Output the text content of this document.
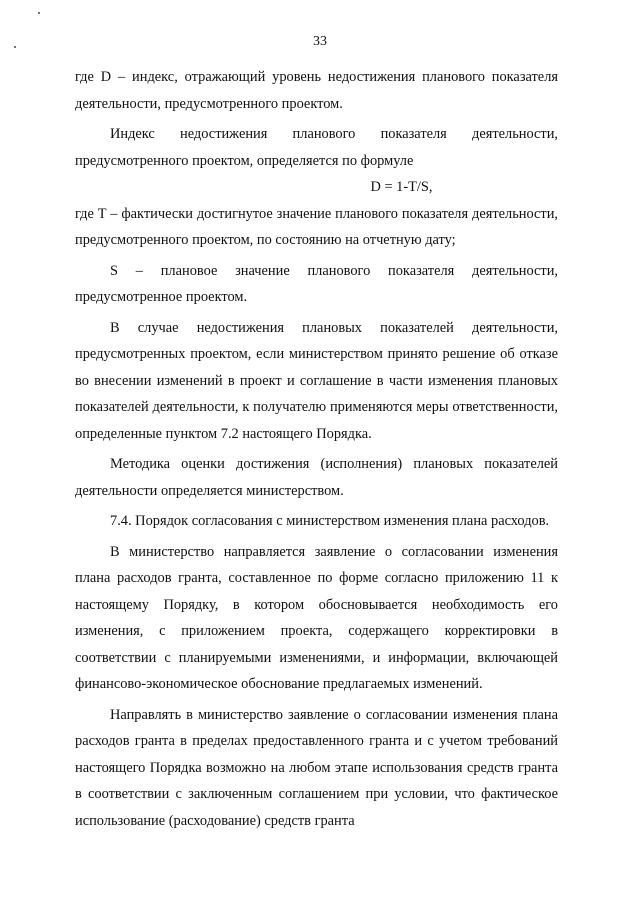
33

где D – индекс, отражающий уровень недостижения планового показателя деятельности, предусмотренного проектом.

Индекс недостижения планового показателя деятельности, предусмотренного проектом, определяется по формуле

D = 1-T/S,

где T – фактически достигнутое значение планового показателя деятельности, предусмотренного проектом, по состоянию на отчетную дату;

S – плановое значение планового показателя деятельности, предусмотренное проектом.

В случае недостижения плановых показателей деятельности, предусмотренных проектом, если министерством принято решение об отказе во внесении изменений в проект и соглашение в части изменения плановых показателей деятельности, к получателю применяются меры ответственности, определенные пунктом 7.2 настоящего Порядка.

Методика оценки достижения (исполнения) плановых показателей деятельности определяется министерством.

7.4. Порядок согласования с министерством изменения плана расходов.

В министерство направляется заявление о согласовании изменения плана расходов гранта, составленное по форме согласно приложению 11 к настоящему Порядку, в котором обосновывается необходимость его изменения, с приложением проекта, содержащего корректировки в соответствии с планируемыми изменениями, и информации, включающей финансово-экономическое обоснование предлагаемых изменений.

Направлять в министерство заявление о согласовании изменения плана расходов гранта в пределах предоставленного гранта и с учетом требований настоящего Порядка возможно на любом этапе использования средств гранта в соответствии с заключенным соглашением при условии, что фактическое использование (расходование) средств гранта
